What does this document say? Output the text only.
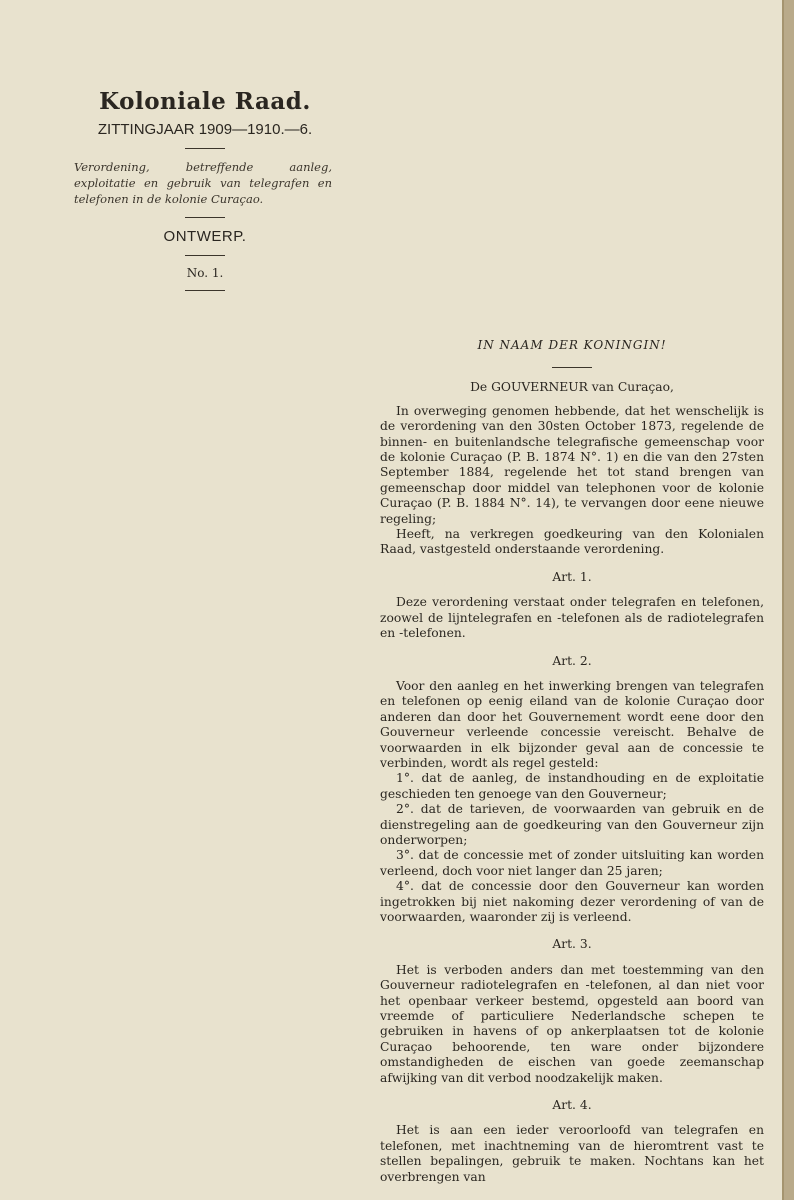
Koloniale Raad.
ZITTINGJAAR 1909—1910.—6.
Verordening, betreffende aanleg, exploitatie en gebruik van telegrafen en telefonen in de kolonie Curaçao.
ONTWERP.
No. 1.

IN NAAM DER KONINGIN!

De GOUVERNEUR van Curaçao,

In overweging genomen hebbende, dat het wenschelijk is de verordening van den 30sten October 1873, regelende de binnen- en buitenlandsche telegrafische gemeenschap voor de kolonie Curaçao (P. B. 1874 N°. 1) en die van den 27sten September 1884, regelende het tot stand brengen van gemeenschap door middel van telephonen voor de kolonie Curaçao (P. B. 1884 N°. 14), te vervangen door eene nieuwe regeling;

Heeft, na verkregen goedkeuring van den Kolonialen Raad, vastgesteld onderstaande verordening.

Art. 1.

Deze verordening verstaat onder telegrafen en telefonen, zoowel de lijntelegrafen en -telefonen als de radiotelegrafen en -telefonen.

Art. 2.

Voor den aanleg en het inwerking brengen van telegrafen en telefonen op eenig eiland van de kolonie Curaçao door anderen dan door het Gouvernement wordt eene door den Gouverneur verleende concessie vereischt. Behalve de voorwaarden in elk bijzonder geval aan de concessie te verbinden, wordt als regel gesteld:

1°. dat de aanleg, de instandhouding en de exploitatie geschieden ten genoege van den Gouverneur;

2°. dat de tarieven, de voorwaarden van gebruik en de dienstregeling aan de goedkeuring van den Gouverneur zijn onderworpen;

3°. dat de concessie met of zonder uitsluiting kan worden verleend, doch voor niet langer dan 25 jaren;

4°. dat de concessie door den Gouverneur kan worden ingetrokken bij niet nakoming dezer verordening of van de voorwaarden, waaronder zij is verleend.

Art. 3.

Het is verboden anders dan met toestemming van den Gouverneur radiotelegrafen en -telefonen, al dan niet voor het openbaar verkeer bestemd, opgesteld aan boord van vreemde of particuliere Nederlandsche schepen te gebruiken in havens of op ankerplaatsen tot de kolonie Curaçao behoorende, ten ware onder bijzondere omstandigheden de eischen van goede zeemanschap afwijking van dit verbod noodzakelijk maken.

Art. 4.

Het is aan een ieder veroorloofd van telegrafen en telefonen, met inachtneming van de hieromtrent vast te stellen bepalingen, gebruik te maken. Nochtans kan het overbrengen van
